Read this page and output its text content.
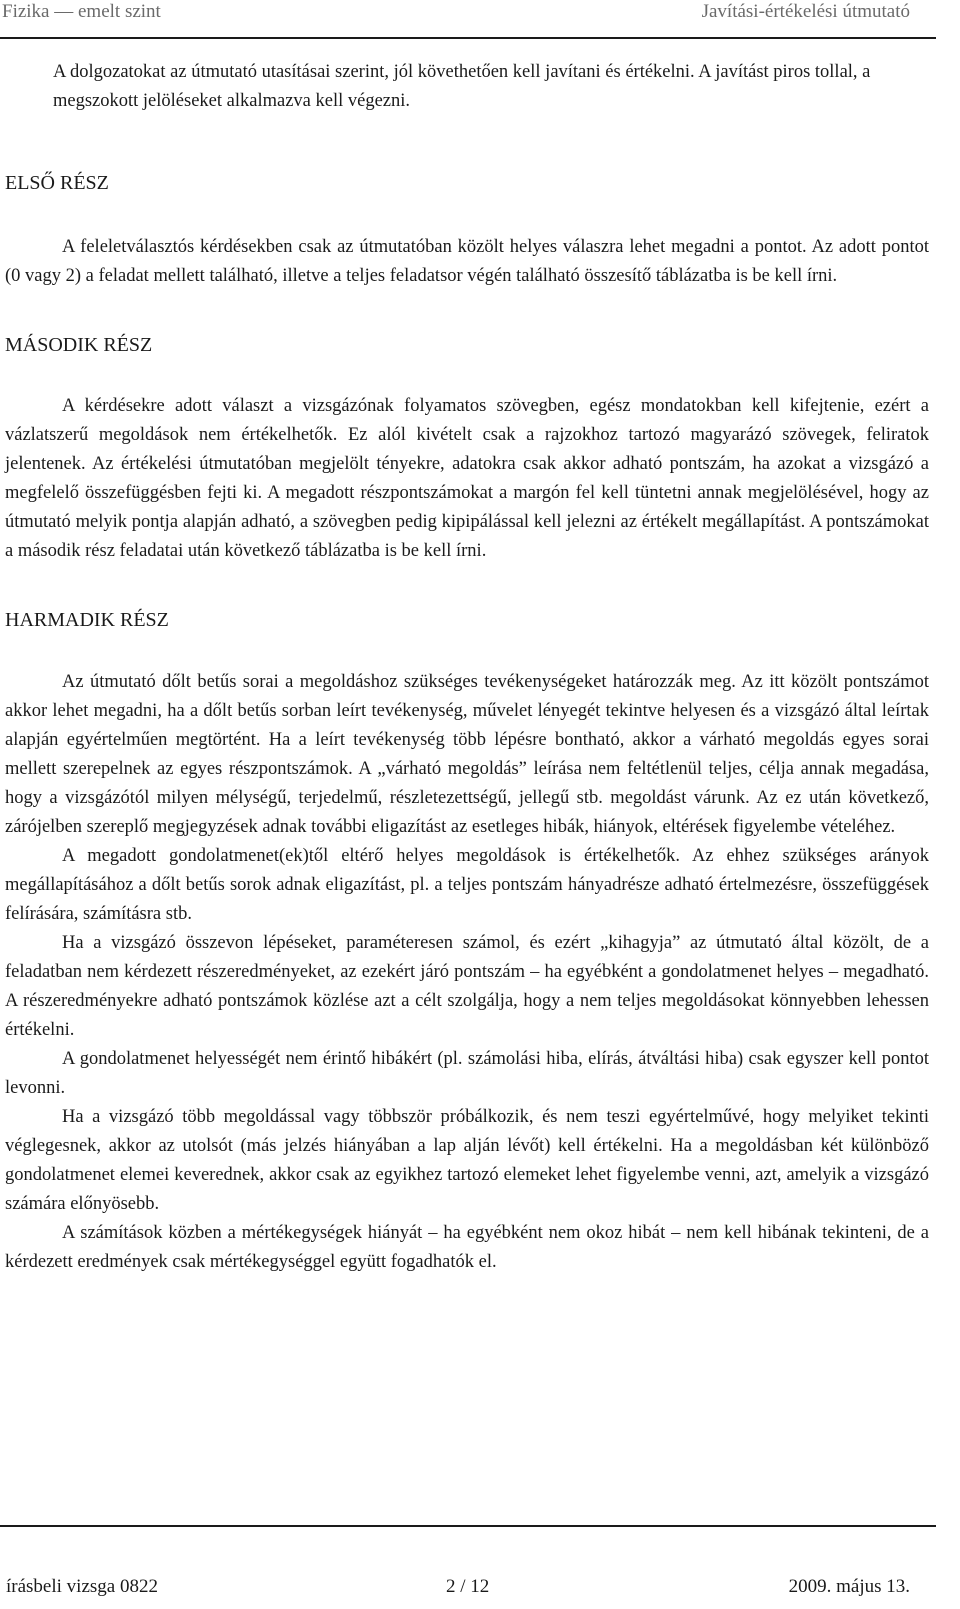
Fizika — emelt szint	Javítási-értékelési útmutató

A dolgozatokat az útmutató utasításai szerint, jól követhetően kell javítani és értékelni. A javítást piros tollal, a megszokott jelöléseket alkalmazva kell végezni.

ELSŐ RÉSZ

A feleletválasztós kérdésekben csak az útmutatóban közölt helyes válaszra lehet megadni a pontot. Az adott pontot (0 vagy 2) a feladat mellett található, illetve a teljes feladatsor végén található összesítő táblázatba is be kell írni.

MÁSODIK RÉSZ

A kérdésekre adott választ a vizsgázónak folyamatos szövegben, egész mondatokban kell kifejtenie, ezért a vázlatszerű megoldások nem értékelhetők. Ez alól kivételt csak a rajzokhoz tartozó magyarázó szövegek, feliratok jelentenek. Az értékelési útmutatóban megjelölt tényekre, adatokra csak akkor adható pontszám, ha azokat a vizsgázó a megfelelő összefüggésben fejti ki. A megadott részpontszámokat a margón fel kell tüntetni annak megjelölésével, hogy az útmutató melyik pontja alapján adható, a szövegben pedig kipipálással kell jelezni az értékelt megállapítást. A pontszámokat a második rész feladatai után következő táblázatba is be kell írni.

HARMADIK RÉSZ

Az útmutató dőlt betűs sorai a megoldáshoz szükséges tevékenységeket határozzák meg. Az itt közölt pontszámot akkor lehet megadni, ha a dőlt betűs sorban leírt tevékenység, művelet lényegét tekintve helyesen és a vizsgázó által leírtak alapján egyértelműen megtörtént. Ha a leírt tevékenység több lépésre bontható, akkor a várható megoldás egyes sorai mellett szerepelnek az egyes részpontszámok. A „várható megoldás” leírása nem feltétlenül teljes, célja annak megadása, hogy a vizsgázótól milyen mélységű, terjedelmű, részletezettségű, jellegű stb. megoldást várunk. Az ez után következő, zárójelben szereplő megjegyzések adnak további eligazítást az esetleges hibák, hiányok, eltérések figyelembe vételéhez.

A megadott gondolatmenet(ek)től eltérő helyes megoldások is értékelhetők. Az ehhez szükséges arányok megállapításához a dőlt betűs sorok adnak eligazítást, pl. a teljes pontszám hányadrésze adható értelmezésre, összefüggések felírására, számításra stb.

Ha a vizsgázó összevon lépéseket, paraméteresen számol, és ezért „kihagyja” az útmutató által közölt, de a feladatban nem kérdezett részeredményeket, az ezekért járó pontszám – ha egyébként a gondolatmenet helyes – megadható. A részeredményekre adható pontszámok közlése azt a célt szolgálja, hogy a nem teljes megoldásokat könnyebben lehessen értékelni.

A gondolatmenet helyességét nem érintő hibákért (pl. számolási hiba, elírás, átváltási hiba) csak egyszer kell pontot levonni.

Ha a vizsgázó több megoldással vagy többször próbálkozik, és nem teszi egyértelművé, hogy melyiket tekinti véglegesnek, akkor az utolsót (más jelzés hiányában a lap alján lévőt) kell értékelni. Ha a megoldásban két különböző gondolatmenet elemei keverednek, akkor csak az egyikhez tartozó elemeket lehet figyelembe venni, azt, amelyik a vizsgázó számára előnyösebb.

A számítások közben a mértékegységek hiányát – ha egyébként nem okoz hibát – nem kell hibának tekinteni, de a kérdezett eredmények csak mértékegységgel együtt fogadhatók el.

írásbeli vizsga 0822	2 / 12	2009. május 13.
